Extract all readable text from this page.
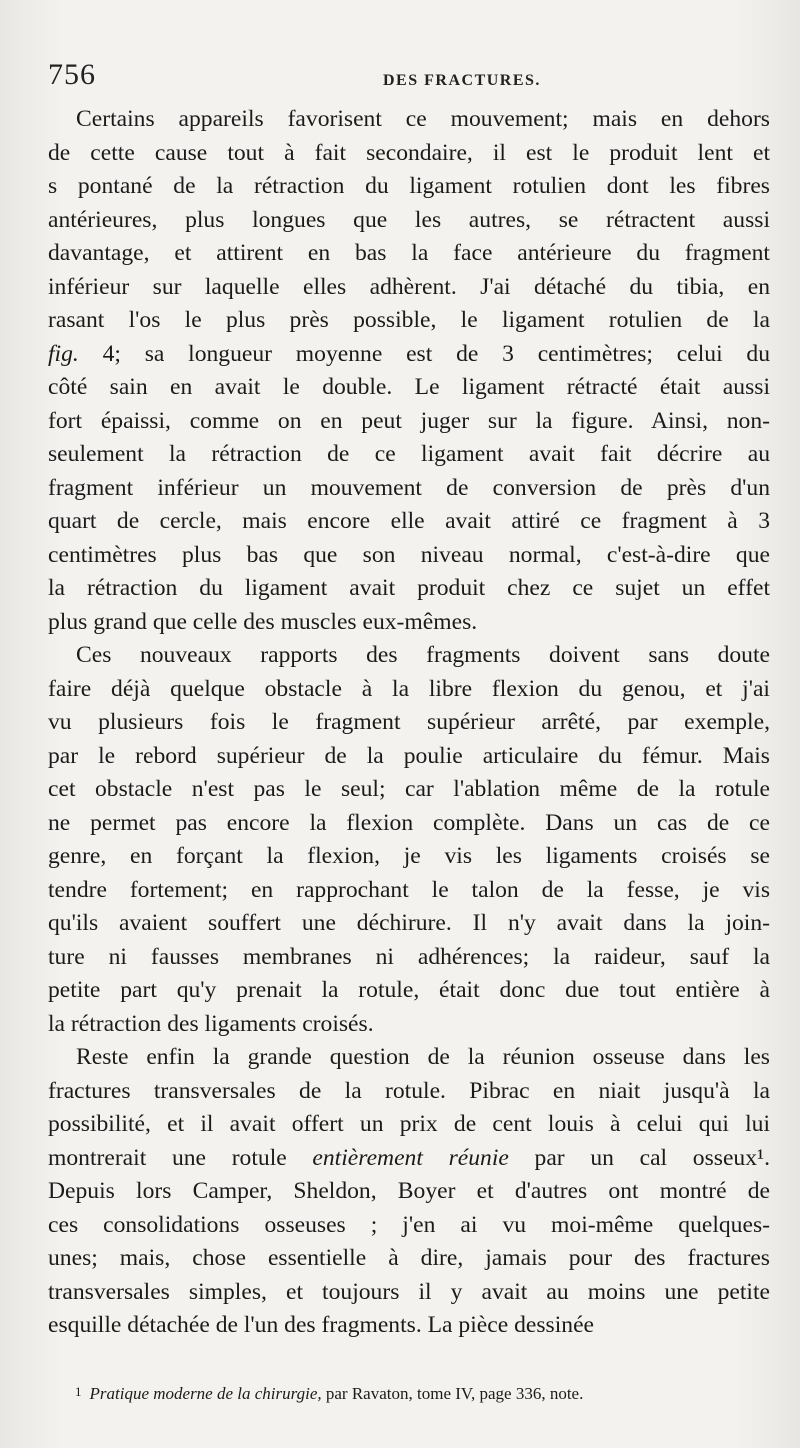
756	DES FRACTURES.
Certains appareils favorisent ce mouvement; mais en dehors
de cette cause tout à fait secondaire, il est le produit lent et
s pontané de la rétraction du ligament rotulien dont les fibres
antérieures, plus longues que les autres, se rétractent aussi
davantage, et attirent en bas la face antérieure du fragment
inférieur sur laquelle elles adhèrent. J'ai détaché du tibia, en
rasant l'os le plus près possible, le ligament rotulien de la
fig. 4; sa longueur moyenne est de 3 centimètres; celui du
côté sain en avait le double. Le ligament rétracté était aussi
fort épaissi, comme on en peut juger sur la figure. Ainsi, non-
seulement la rétraction de ce ligament avait fait décrire au
fragment inférieur un mouvement de conversion de près d'un
quart de cercle, mais encore elle avait attiré ce fragment à 3
centimètres plus bas que son niveau normal, c'est-à-dire que
la rétraction du ligament avait produit chez ce sujet un effet
plus grand que celle des muscles eux-mêmes.
Ces nouveaux rapports des fragments doivent sans doute
faire déjà quelque obstacle à la libre flexion du genou, et j'ai
vu plusieurs fois le fragment supérieur arrêté, par exemple,
par le rebord supérieur de la poulie articulaire du fémur. Mais
cet obstacle n'est pas le seul; car l'ablation même de la rotule
ne permet pas encore la flexion complète. Dans un cas de ce
genre, en forçant la flexion, je vis les ligaments croisés se
tendre fortement; en rapprochant le talon de la fesse, je vis
qu'ils avaient souffert une déchirure. Il n'y avait dans la join-
ture ni fausses membranes ni adhérences; la raideur, sauf la
petite part qu'y prenait la rotule, était donc due tout entière à
la rétraction des ligaments croisés.
Reste enfin la grande question de la réunion osseuse dans les
fractures transversales de la rotule. Pibrac en niait jusqu'à la
possibilité, et il avait offert un prix de cent louis à celui qui lui
montrerait une rotule entièrement réunie par un cal osseux¹.
Depuis lors Camper, Sheldon, Boyer et d'autres ont montré de
ces consolidations osseuses ; j'en ai vu moi-même quelques-
unes; mais, chose essentielle à dire, jamais pour des fractures
transversales simples, et toujours il y avait au moins une petite
esquille détachée de l'un des fragments. La pièce dessinée
1 Pratique moderne de la chirurgie, par Ravaton, tome IV, page 336, note.
